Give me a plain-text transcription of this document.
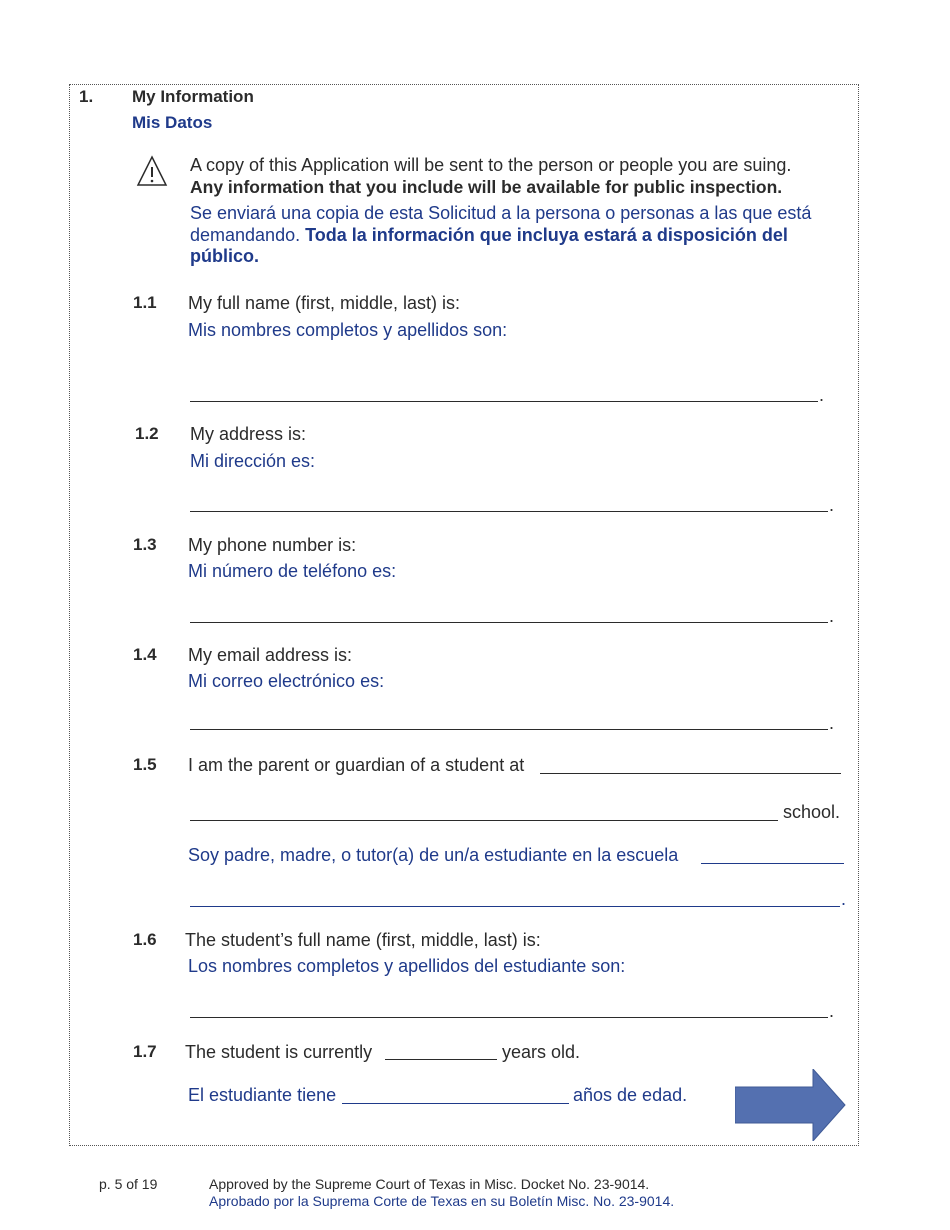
1. My Information
Mis Datos
A copy of this Application will be sent to the person or people you are suing.
Any information that you include will be available for public inspection.
Se enviará una copia de esta Solicitud a la persona o personas a las que está
demandando. Toda la información que incluya estará a disposición del
público.
1.1 My full name (first, middle, last) is:
Mis nombres completos y apellidos son:
.
1.2 My address is:
Mi dirección es:
.
1.3 My phone number is:
Mi número de teléfono es:
.
1.4 My email address is:
Mi correo electrónico es:
.
1.5 I am the parent or guardian of a student at
school.
Soy padre, madre, o tutor(a) de un/a estudiante en la escuela
.
1.6 The student’s full name (first, middle, last) is:
Los nombres completos y apellidos del estudiante son:
.
1.7 The student is currently	years old.
El estudiante tiene	años de edad.
p. 5 of 19	Approved by the Supreme Court of Texas in Misc. Docket No. 23-9014.
Aprobado por la Suprema Corte de Texas en su Boletín Misc. No. 23-9014.
